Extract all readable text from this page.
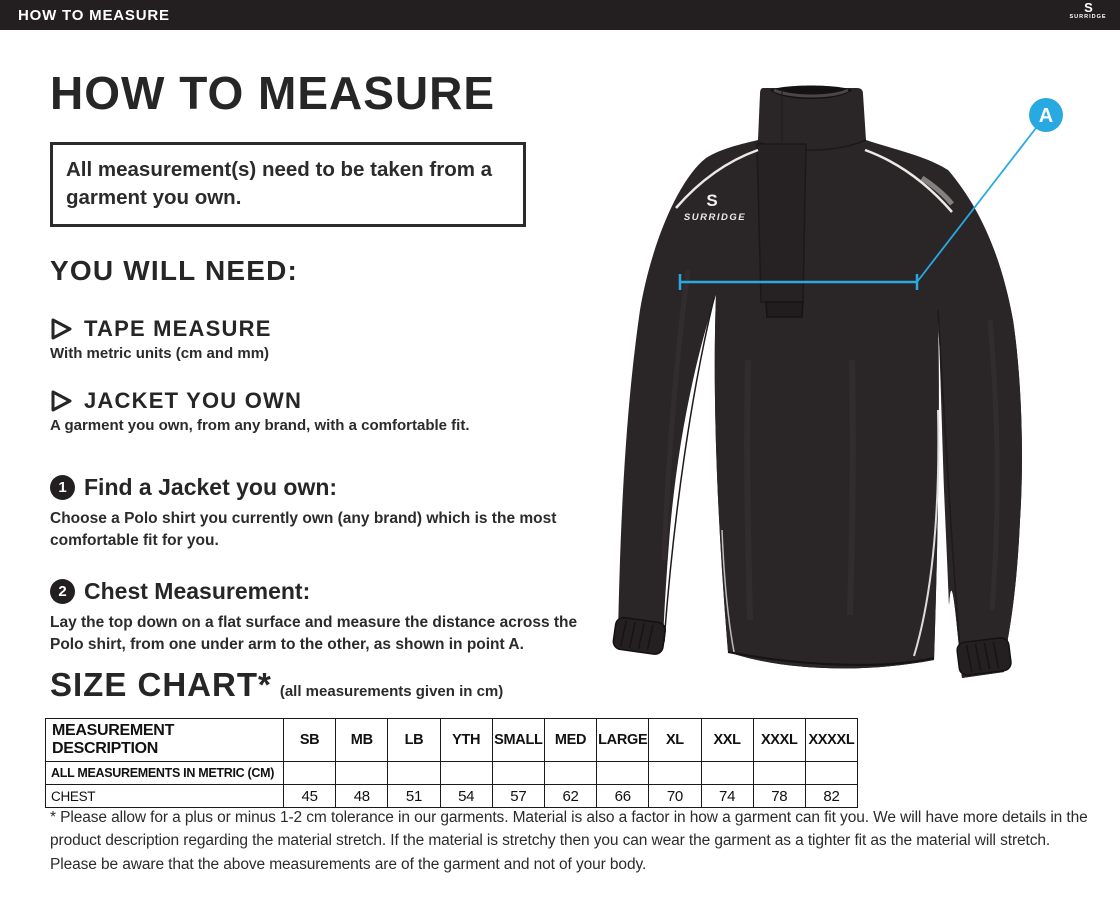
HOW TO MEASURE	S
SURRIDGE
HOW TO MEASURE
All measurement(s) need to be taken from a garment you own.
YOU WILL NEED:
TAPE MEASURE
With metric units (cm and mm)
JACKET YOU OWN
A garment you own, from any brand, with a comfortable fit.
1 Find a Jacket you own:
Choose a Polo shirt you currently own (any brand) which is the most comfortable fit for you.
2 Chest Measurement:
Lay the top down on a flat surface and measure the distance across the Polo shirt, from one under arm to the other, as shown in point A.
SIZE CHART* (all measurements given in cm)
MEASUREMENT DESCRIPTION	SB	MB	LB	YTH	SMALL	MED	LARGE	XL	XXL	XXXL	XXXXL
ALL MEASUREMENTS IN METRIC (CM)											
CHEST	45	48	51	54	57	62	66	70	74	78	82
* Please allow for a plus or minus 1-2 cm tolerance in our garments. Material is also a factor in how a garment can fit you. We will have more details in the product description regarding the material stretch. If the material is stretchy then you can wear the garment as a tighter fit as the material will stretch. Please be aware that the above measurements are of the garment and not of your body.
S
SURRIDGE
A
